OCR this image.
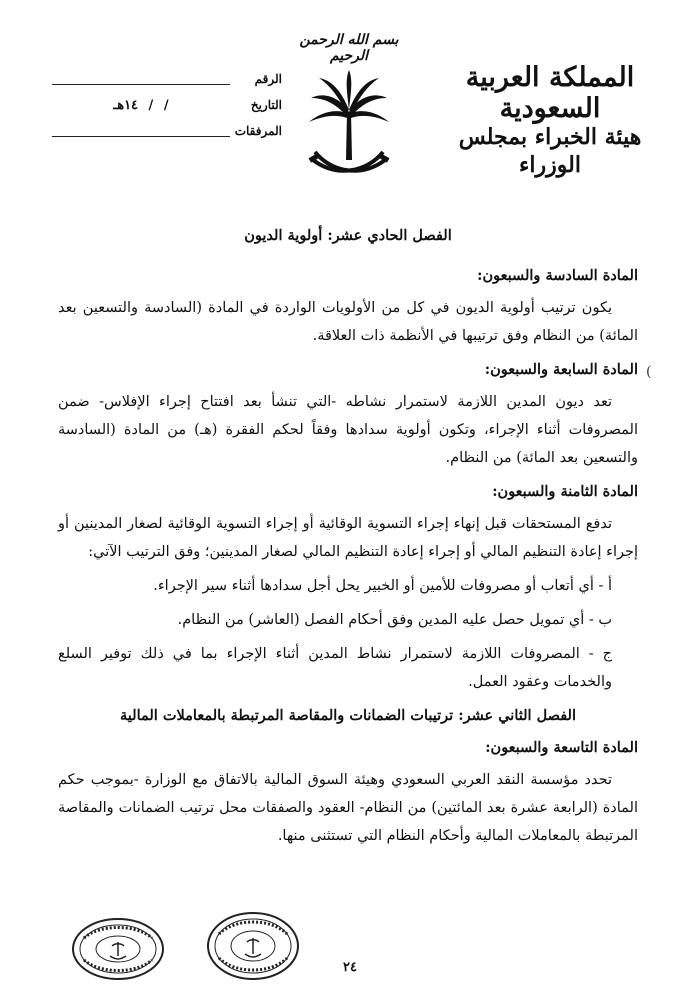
الرقم
التاريخ
/ / ١٤هـ
المرفقات
بسم الله الرحمن الرحيم
المملكة العربية السعودية
هيئة الخبراء بمجلس الوزراء
(
الفصل الحادي عشر: أولوية الديون
المادة السادسة والسبعون:

يكون ترتيب أولوية الديون في كل من الأولويات الواردة في المادة (السادسة والتسعين بعد المائة) من النظام وفق ترتيبها في الأنظمة ذات العلاقة.

المادة السابعة والسبعون:

تعد ديون المدين اللازمة لاستمرار نشاطه -التي تنشأ بعد افتتاح إجراء الإفلاس- ضمن المصروفات أثناء الإجراء، وتكون أولوية سدادها وفقاً لحكم الفقرة (هـ) من المادة (السادسة والتسعين بعد المائة) من النظام.

المادة الثامنة والسبعون:

تدفع المستحقات قبل إنهاء إجراء التسوية الوقائية أو إجراء التسوية الوقائية لصغار المدينين أو إجراء إعادة التنظيم المالي أو إجراء إعادة التنظيم المالي لصغار المدينين؛ وفق الترتيب الآتي:

أ - أي أتعاب أو مصروفات للأمين أو الخبير يحل أجل سدادها أثناء سير الإجراء.

ب - أي تمويل حصل عليه المدين وفق أحكام الفصل (العاشر) من النظام.

ج - المصروفات اللازمة لاستمرار نشاط المدين أثناء الإجراء بما في ذلك توفير السلع والخدمات وعقود العمل.

الفصل الثاني عشر: ترتيبات الضمانات والمقاصة المرتبطة بالمعاملات المالية
المادة التاسعة والسبعون:

تحدد مؤسسة النقد العربي السعودي وهيئة السوق المالية بالاتفاق مع الوزارة -بموجب حكم المادة (الرابعة عشرة بعد المائتين) من النظام- العقود والصفقات محل ترتيب الضمانات والمقاصة المرتبطة بالمعاملات المالية وأحكام النظام التي تستثنى منها.

٢٤
